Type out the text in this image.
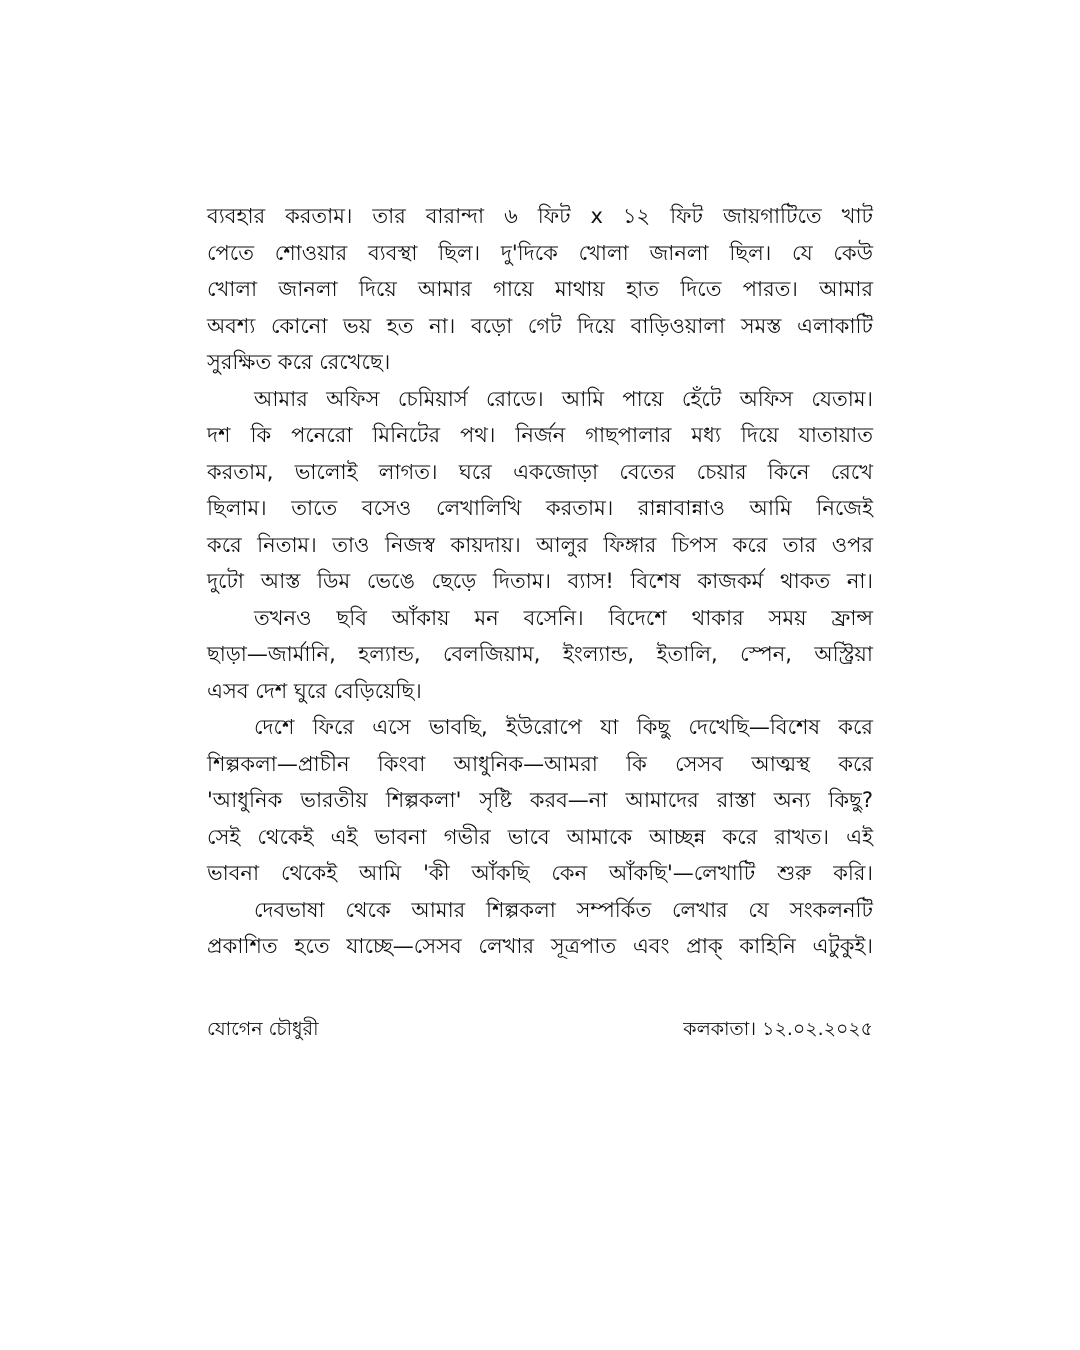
ব্যবহার করতাম। তার বারান্দা ৬ ফিট x ১২ ফিট জায়গাটিতে খাট
পেতে শোওয়ার ব্যবস্থা ছিল। দু'দিকে খোলা জানলা ছিল। যে কেউ
খোলা জানলা দিয়ে আমার গায়ে মাথায় হাত দিতে পারত। আমার
অবশ্য কোনো ভয় হত না। বড়ো গেট দিয়ে বাড়িওয়ালা সমস্ত এলাকাটি
সুরক্ষিত করে রেখেছে।

আমার অফিস চেমিয়ার্স রোডে। আমি পায়ে হেঁটে অফিস যেতাম।
দশ কি পনেরো মিনিটের পথ। নির্জন গাছপালার মধ্য দিয়ে যাতায়াত
করতাম, ভালোই লাগত। ঘরে একজোড়া বেতের চেয়ার কিনে রেখে
ছিলাম। তাতে বসেও লেখালিখি করতাম। রান্নাবান্নাও আমি নিজেই
করে নিতাম। তাও নিজস্ব কায়দায়। আলুর ফিঙ্গার চিপস করে তার ওপর
দুটো আস্ত ডিম ভেঙে ছেড়ে দিতাম। ব্যাস! বিশেষ কাজকর্ম থাকত না।

তখনও ছবি আঁকায় মন বসেনি। বিদেশে থাকার সময় ফ্রান্স
ছাড়া—জার্মানি, হল্যান্ড, বেলজিয়াম, ইংল্যান্ড, ইতালি, স্পেন, অস্ট্রিয়া
এসব দেশ ঘুরে বেড়িয়েছি।

দেশে ফিরে এসে ভাবছি, ইউরোপে যা কিছু দেখেছি—বিশেষ করে
শিল্পকলা—প্রাচীন কিংবা আধুনিক—আমরা কি সেসব আত্মস্থ করে
'আধুনিক ভারতীয় শিল্পকলা' সৃষ্টি করব—না আমাদের রাস্তা অন্য কিছু?
সেই থেকেই এই ভাবনা গভীর ভাবে আমাকে আচ্ছন্ন করে রাখত। এই
ভাবনা থেকেই আমি 'কী আঁকছি কেন আঁকছি'—লেখাটি শুরু করি।

দেবভাষা থেকে আমার শিল্পকলা সম্পর্কিত লেখার যে সংকলনটি
প্রকাশিত হতে যাচ্ছে—সেসব লেখার সূত্রপাত এবং প্রাক্ কাহিনি এটুকুই।

যোগেন চৌধুরী	কলকাতা। ১২.০২.২০২৫
